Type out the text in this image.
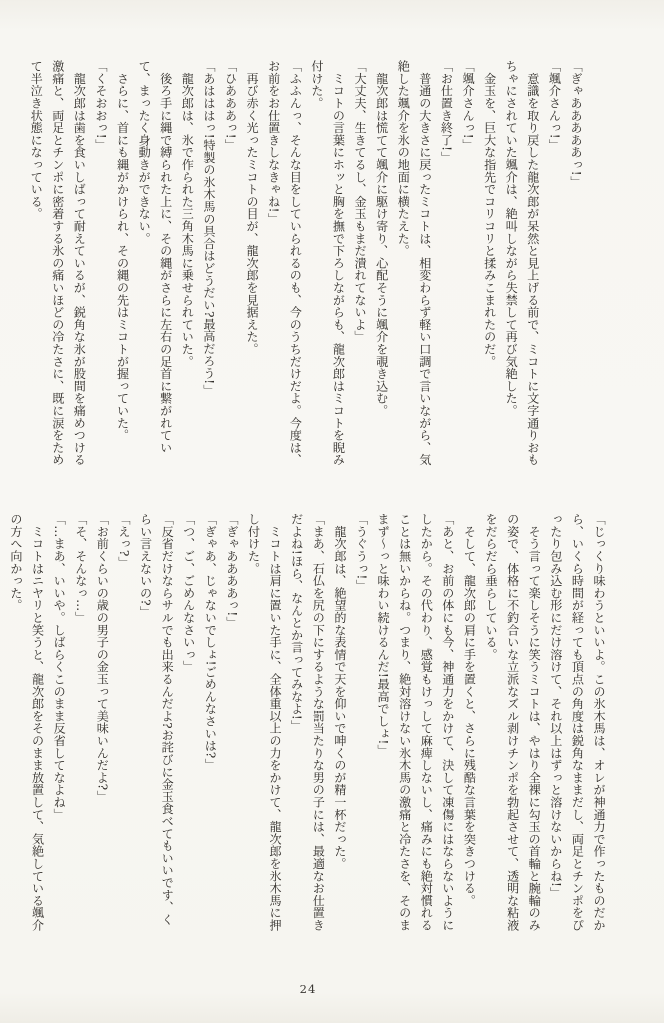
「ぎゃあああああっ!」

「颯介さんっ!」

　意識を取り戻した龍次郎が呆然と見上げる前で、ミコトに文字通りおもちゃにされていた颯介は、絶叫しながら失禁して再び気絶した。

　金玉を、巨大な指先でコリコリと揉みこまれたのだ。

「颯介さんっ!」

「お仕置き終了!」

　普通の大きさに戻ったミコトは、相変わらず軽い口調で言いながら、気絶した颯介を氷の地面に横たえた。

　龍次郎は慌てて颯介に駆け寄り、心配そうに颯介を覗き込む。

「大丈夫、生きてるし、金玉もまだ潰れてないよ」

　ミコトの言葉にホッと胸を撫で下ろしながらも、龍次郎はミコトを睨み付けた。

「ふふんっ、そんな目をしていられるのも、今のうちだけだよ。今度は、お前をお仕置きしなきゃね!」

　再び赤く光ったミコトの目が、龍次郎を見据えた。

「ひあああっ!」

「あはははっ!特製の氷木馬の具合はどうだい?最高だろう!」

　龍次郎は、氷で作られた三角木馬に乗せられていた。

　後ろ手に縄で縛られた上に、その縄がさらに左右の足首に繋がれていて、まったく身動きができない。

　さらに、首にも縄がかけられ、その縄の先はミコトが握っていた。

「くそおおっ!」

　龍次郎は歯を食いしばって耐えているが、鋭角な氷が股間を痛めつける激痛と、両足とチンポに密着する氷の痛いほどの冷たさに、既に涙をためて半泣き状態になっている。

「じっくり味わうといいよ。この氷木馬は、オレが神通力で作ったものだから、いくら時間が経っても頂点の角度は鋭角なままだし、両足とチンポをぴったり包み込む形にだけ溶けて、それ以上はずっと溶けないからね!」

　そう言って楽しそうに笑うミコトは、やはり全裸に勾玉の首輪と腕輪のみの姿で、体格に不釣合いな立派なズル剥けチンポを勃起させて、透明な粘液をだらだら垂らしている。

　そして、龍次郎の肩に手を置くと、さらに残酷な言葉を突きつける。

「あと、お前の体にも今、神通力をかけて、決して凍傷にはならないようにしたから。その代わり、感覚もけっして麻痺しないし、痛みにも絶対慣れることは無いからね。つまり、絶対溶けない氷木馬の激痛と冷たさを、そのままず〜っと味わい続けるんだ!最高でしょ!」

「うぐうっ!」

　龍次郎は、絶望的な表情で天を仰いで呻くのが精一杯だった。

「まあ、石仏を尻の下にするような罰当たりな男の子には、最適なお仕置きだよね!ほら、なんとか言ってみなよ!」

　ミコトは肩に置いた手に、全体重以上の力をかけて、龍次郎を氷木馬に押し付けた。

「ぎゃああああっ!」

「ぎゃあ、じゃないでしょ!ごめんなさいは?」

「つ、ご、ごめんなさいっ」

「反省だけならサルでも出来るんだよ?お詫びに金玉食べてもいいです、くらい言えないの?」

「えっ?」

「お前くらいの歳の男子の金玉って美味いんだよ?」

「そ、そんなっ…」

「…まあ、いいや。しばらくこのまま反省してなよね」

　ミコトはニヤリと笑うと、龍次郎をそのまま放置して、気絶している颯介の方へ向かった。

24
